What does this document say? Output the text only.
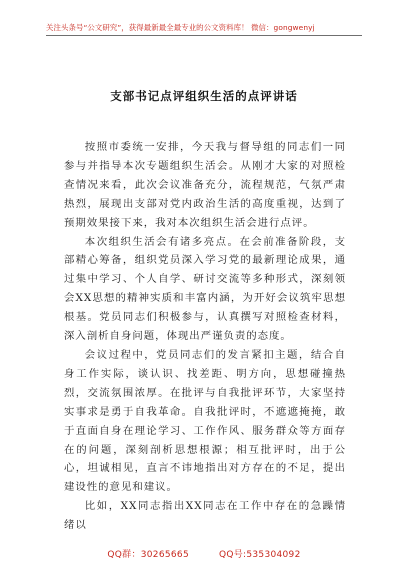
关注头条号“公文研究”，获得最新最全最专业的公文资料库！ 微信：gongwenyj
支部书记点评组织生活的点评讲话

按照市委统一安排，今天我与督导组的同志们一同参与并指导本次专题组织生活会。从刚才大家的对照检查情况来看，此次会议准备充分，流程规范，气氛严肃热烈，展现出支部对党内政治生活的高度重视，达到了预期效果接下来，我对本次组织生活会进行点评。

本次组织生活会有诸多亮点。在会前准备阶段，支部精心筹备，组织党员深入学习党的最新理论成果，通过集中学习、个人自学、研讨交流等多种形式，深刻领会XX思想的精神实质和丰富内涵，为开好会议筑牢思想根基。党员同志们积极参与，认真撰写对照检查材料，深入剖析自身问题，体现出严谨负责的态度。

会议过程中，党员同志们的发言紧扣主题，结合自身工作实际，谈认识、找差距、明方向，思想碰撞热烈，交流氛围浓厚。在批评与自我批评环节，大家坚持实事求是勇于自我革命。自我批评时，不遮遮掩掩，敢于直面自身在理论学习、工作作风、服务群众等方面存在的问题，深刻剖析思想根源；相互批评时，出于公心，坦诚相见，直言不讳地指出对方存在的不足，提出建设性的意见和建议。

比如，XX同志指出XX同志在工作中存在的急躁情绪以

QQ群：30265665	QQ号:535304092
